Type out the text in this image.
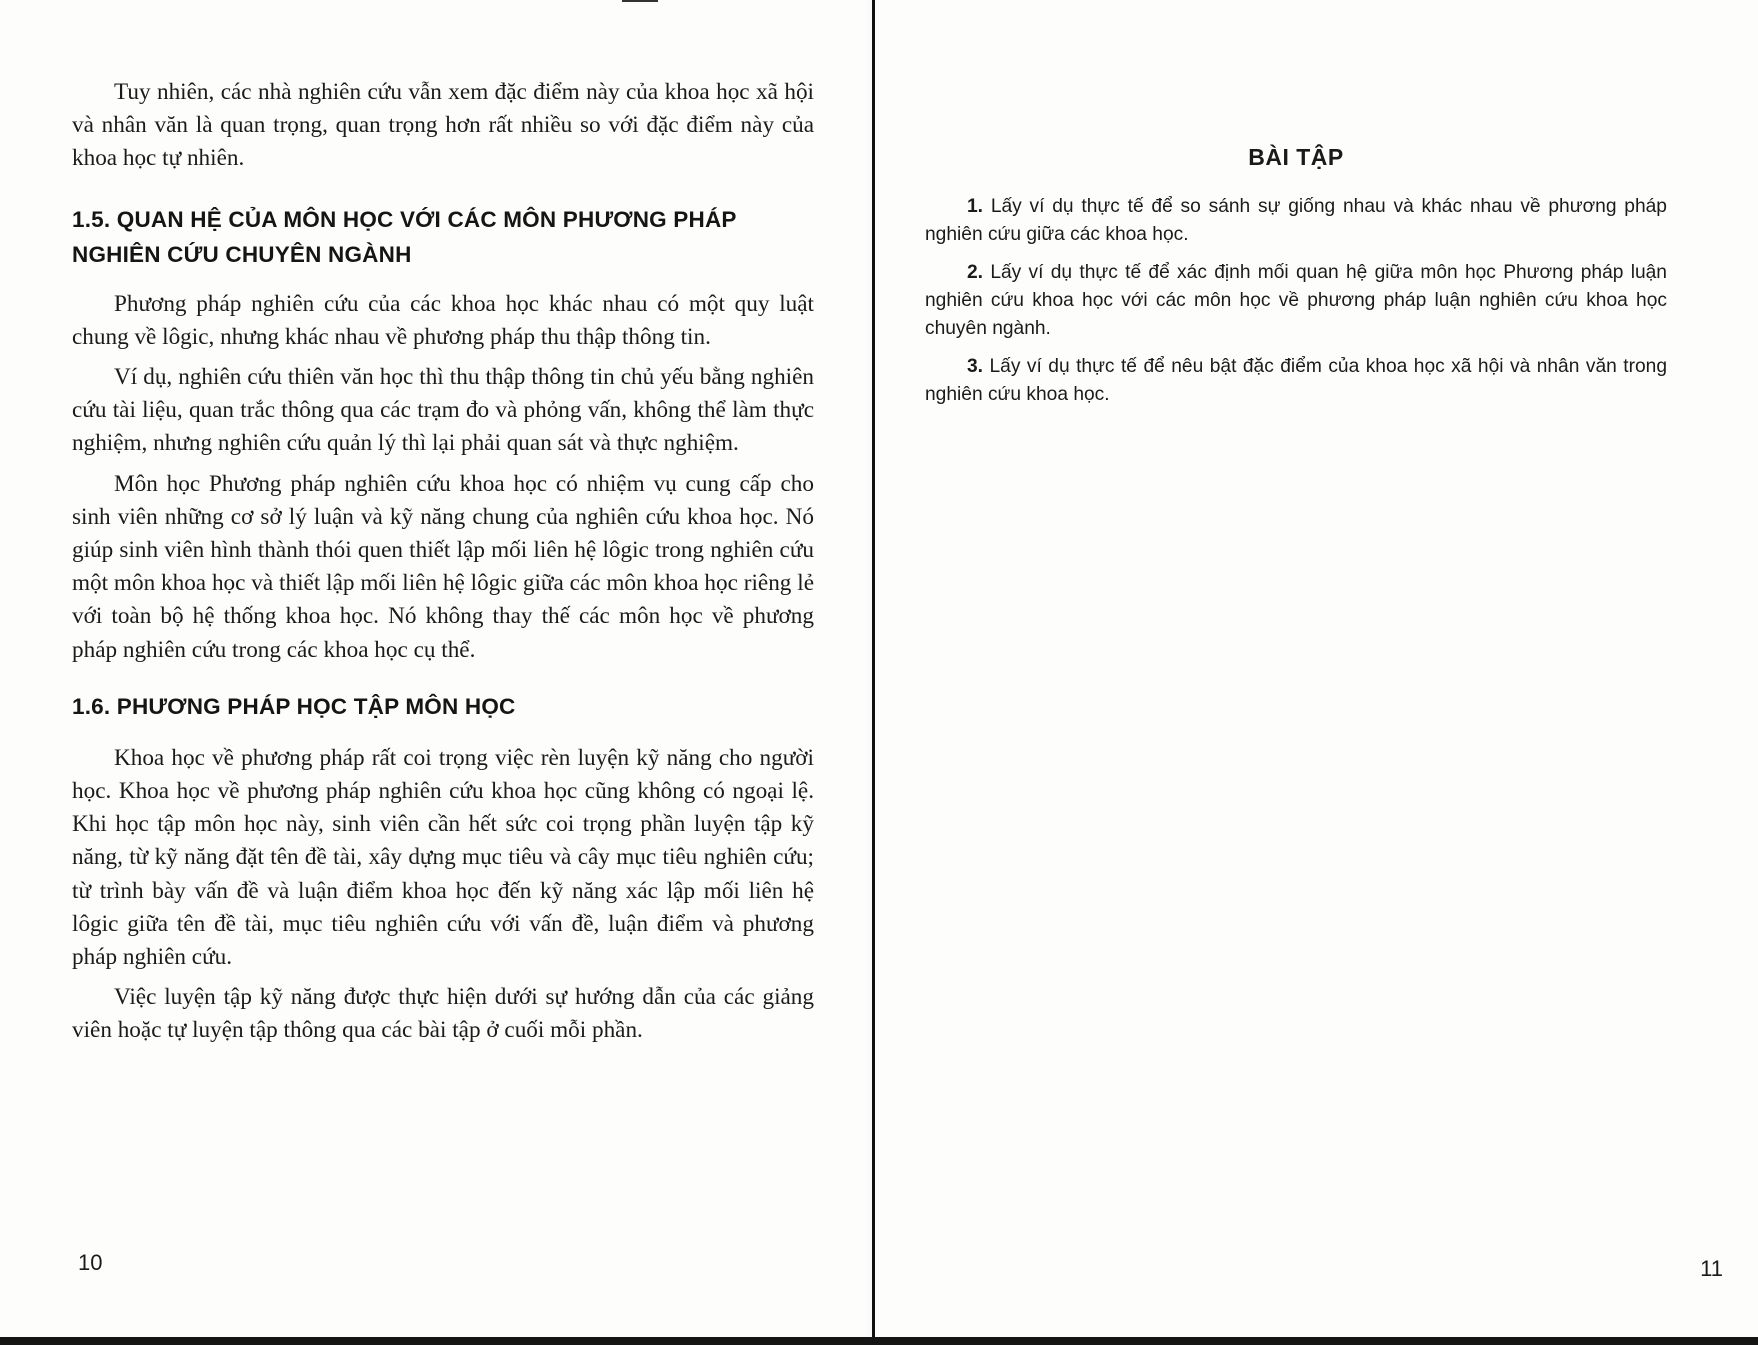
Tuy nhiên, các nhà nghiên cứu vẫn xem đặc điểm này của khoa học xã hội và nhân văn là quan trọng, quan trọng hơn rất nhiều so với đặc điểm này của khoa học tự nhiên.

1.5. QUAN HỆ CỦA MÔN HỌC VỚI CÁC MÔN PHƯƠNG PHÁP NGHIÊN CỨU CHUYÊN NGÀNH

Phương pháp nghiên cứu của các khoa học khác nhau có một quy luật chung về lôgic, nhưng khác nhau về phương pháp thu thập thông tin.

Ví dụ, nghiên cứu thiên văn học thì thu thập thông tin chủ yếu bằng nghiên cứu tài liệu, quan trắc thông qua các trạm đo và phỏng vấn, không thể làm thực nghiệm, nhưng nghiên cứu quản lý thì lại phải quan sát và thực nghiệm.

Môn học Phương pháp nghiên cứu khoa học có nhiệm vụ cung cấp cho sinh viên những cơ sở lý luận và kỹ năng chung của nghiên cứu khoa học. Nó giúp sinh viên hình thành thói quen thiết lập mối liên hệ lôgic trong nghiên cứu một môn khoa học và thiết lập mối liên hệ lôgic giữa các môn khoa học riêng lẻ với toàn bộ hệ thống khoa học. Nó không thay thế các môn học về phương pháp nghiên cứu trong các khoa học cụ thể.

1.6. PHƯƠNG PHÁP HỌC TẬP MÔN HỌC

Khoa học về phương pháp rất coi trọng việc rèn luyện kỹ năng cho người học. Khoa học về phương pháp nghiên cứu khoa học cũng không có ngoại lệ. Khi học tập môn học này, sinh viên cần hết sức coi trọng phần luyện tập kỹ năng, từ kỹ năng đặt tên đề tài, xây dựng mục tiêu và cây mục tiêu nghiên cứu; từ trình bày vấn đề và luận điểm khoa học đến kỹ năng xác lập mối liên hệ lôgic giữa tên đề tài, mục tiêu nghiên cứu với vấn đề, luận điểm và phương pháp nghiên cứu.

Việc luyện tập kỹ năng được thực hiện dưới sự hướng dẫn của các giảng viên hoặc tự luyện tập thông qua các bài tập ở cuối mỗi phần.

10
BÀI TẬP

1. Lấy ví dụ thực tế để so sánh sự giống nhau và khác nhau về phương pháp nghiên cứu giữa các khoa học.

2. Lấy ví dụ thực tế để xác định mối quan hệ giữa môn học Phương pháp luận nghiên cứu khoa học với các môn học về phương pháp luận nghiên cứu khoa học chuyên ngành.

3. Lấy ví dụ thực tế để nêu bật đặc điểm của khoa học xã hội và nhân văn trong nghiên cứu khoa học.

11
